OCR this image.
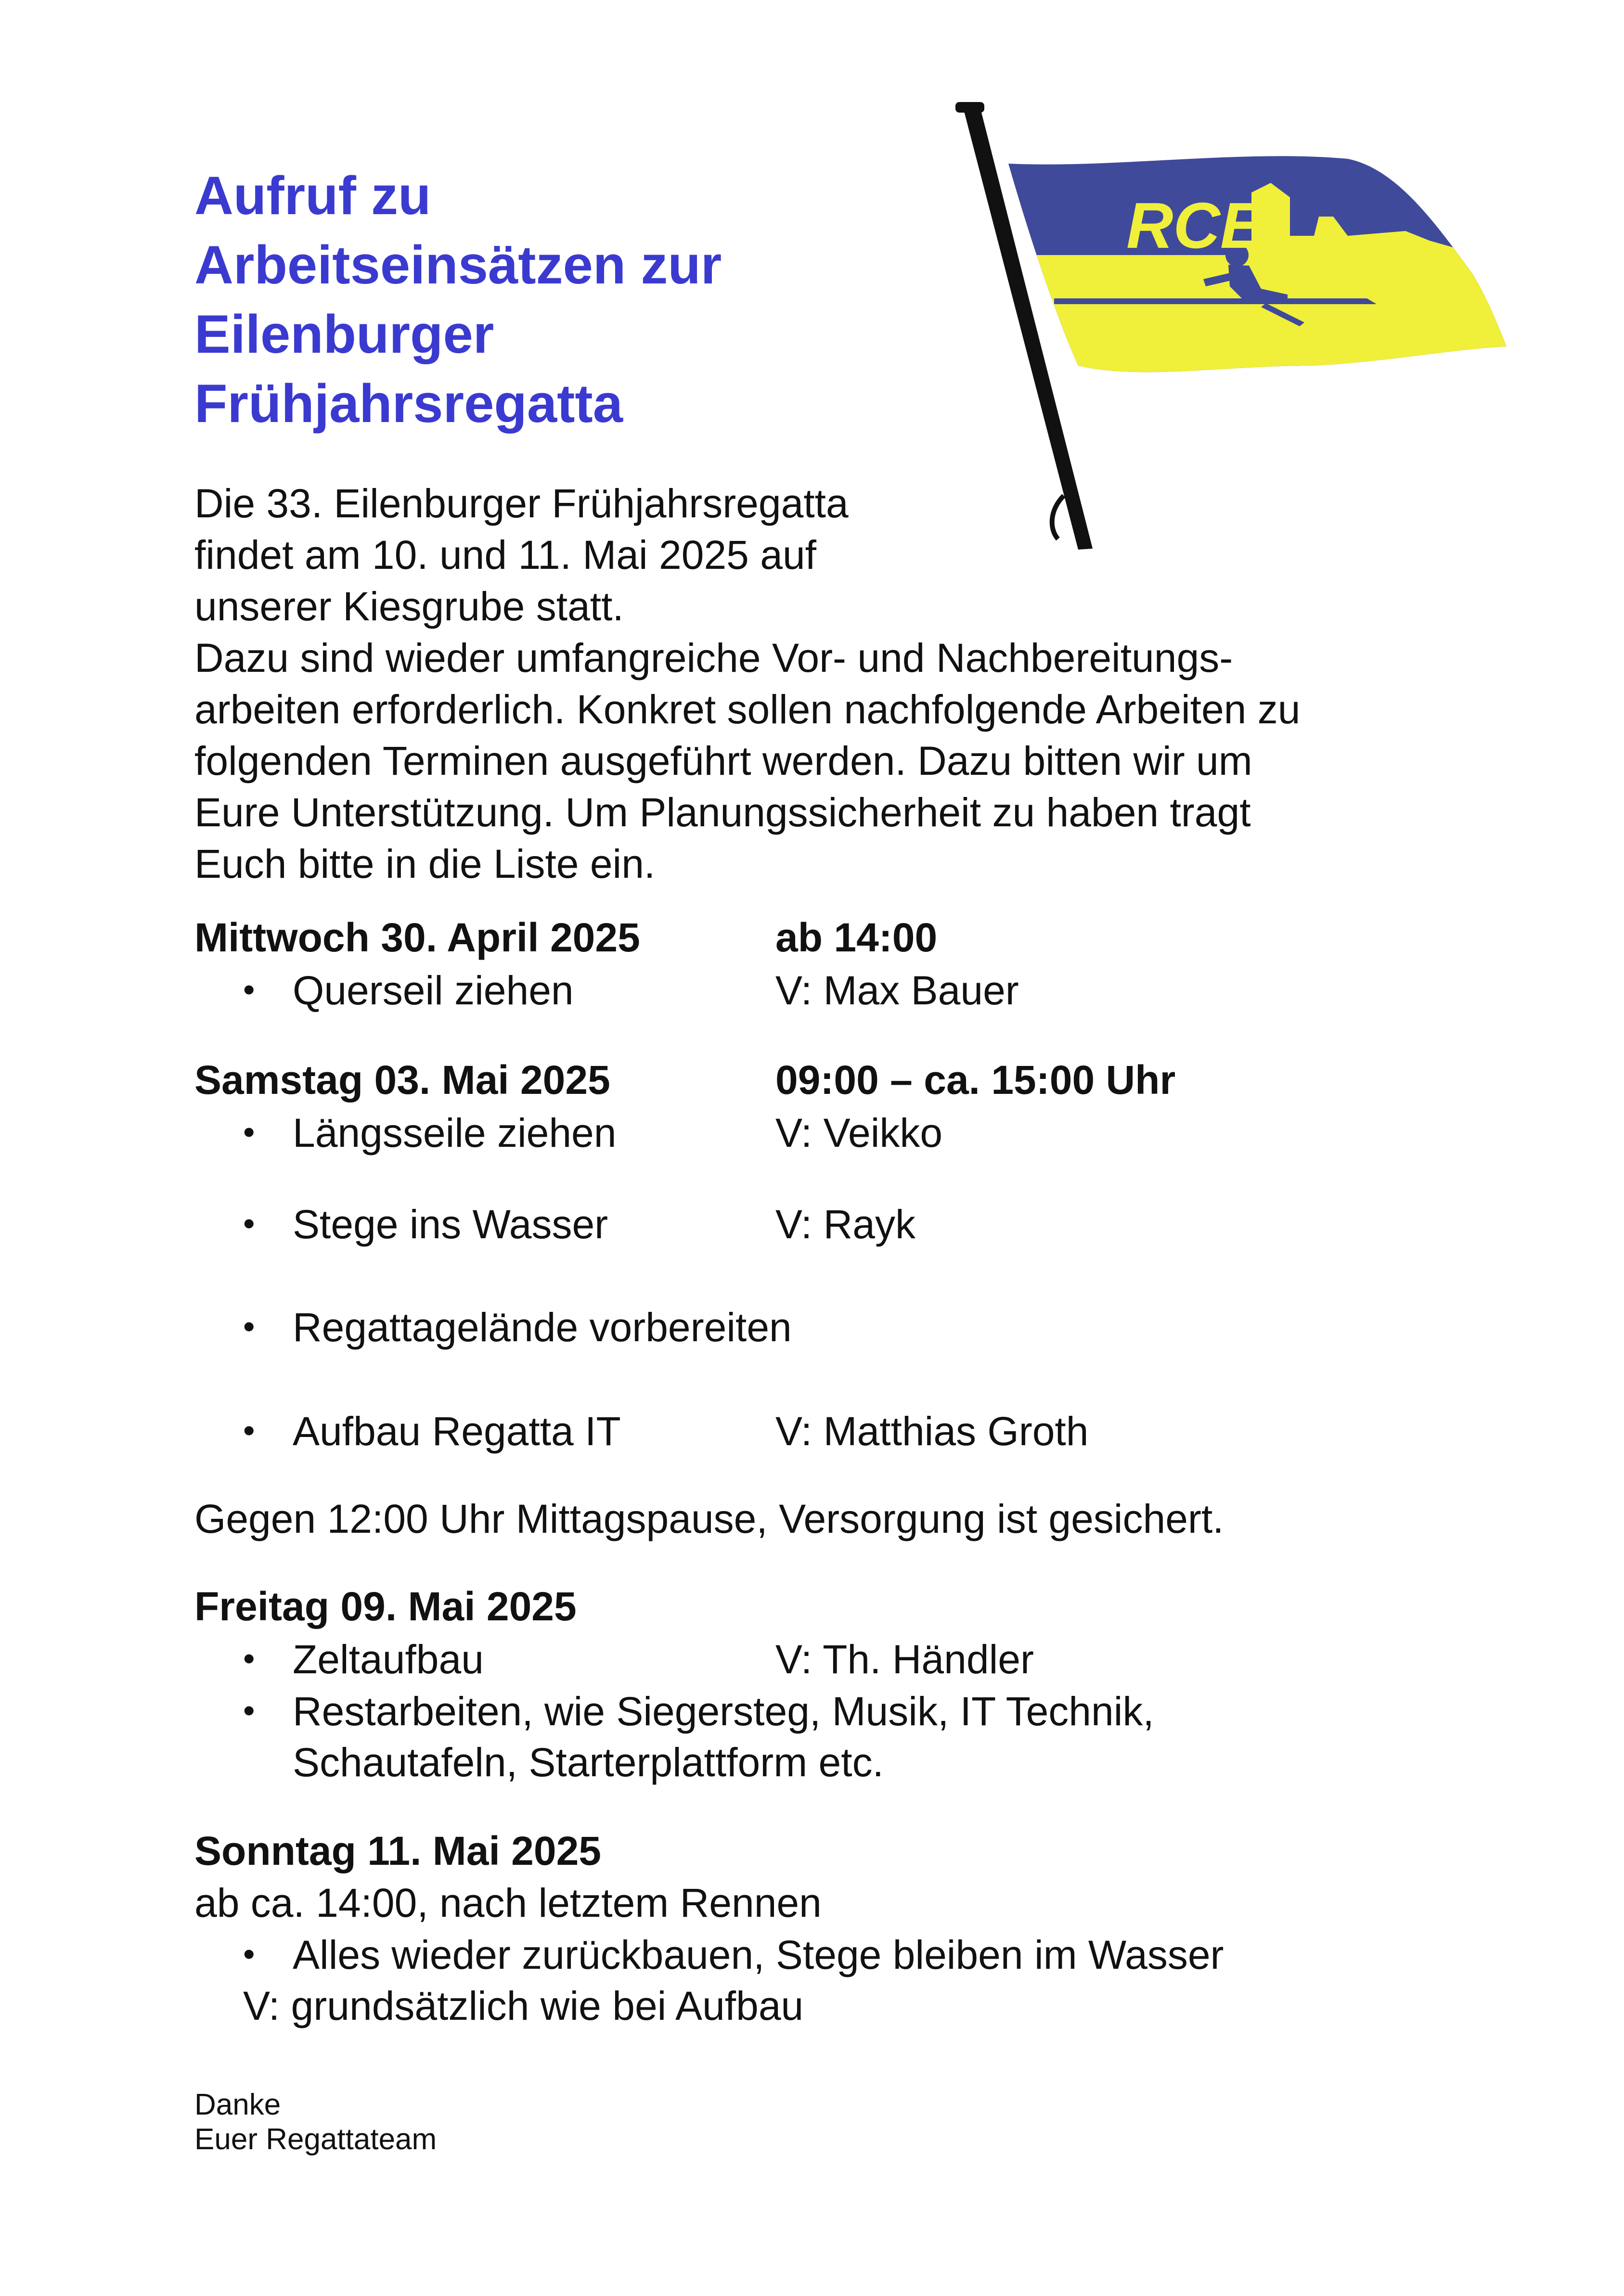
Aufruf zu
Arbeitseinsätzen zur
Eilenburger
Frühjahrsregatta
RCE
Die 33. Eilenburger Frühjahrsregatta
findet am 10. und 11. Mai 2025 auf
unserer Kiesgrube statt.
Dazu sind wieder umfangreiche Vor- und Nachbereitungs-
arbeiten erforderlich. Konkret sollen nachfolgende Arbeiten zu
folgenden Terminen ausgeführt werden. Dazu bitten wir um
Eure Unterstützung. Um Planungssicherheit zu haben tragt
Euch bitte in die Liste ein.
Mittwoch 30. April 2025	ab 14:00
• Querseil ziehen	V: Max Bauer
Samstag 03. Mai 2025	09:00 – ca. 15:00 Uhr
• Längsseile ziehen	V: Veikko
• Stege ins Wasser	V: Rayk
• Regattagelände vorbereiten
• Aufbau Regatta IT	V: Matthias Groth
Gegen 12:00 Uhr Mittagspause, Versorgung ist gesichert.
Freitag 09. Mai 2025
• Zeltaufbau	V: Th. Händler
• Restarbeiten, wie Siegersteg, Musik, IT Technik,
Schautafeln, Starterplattform etc.
Sonntag 11. Mai 2025
ab ca. 14:00, nach letztem Rennen
• Alles wieder zurückbauen, Stege bleiben im Wasser
V: grundsätzlich wie bei Aufbau
Danke
Euer Regattateam
